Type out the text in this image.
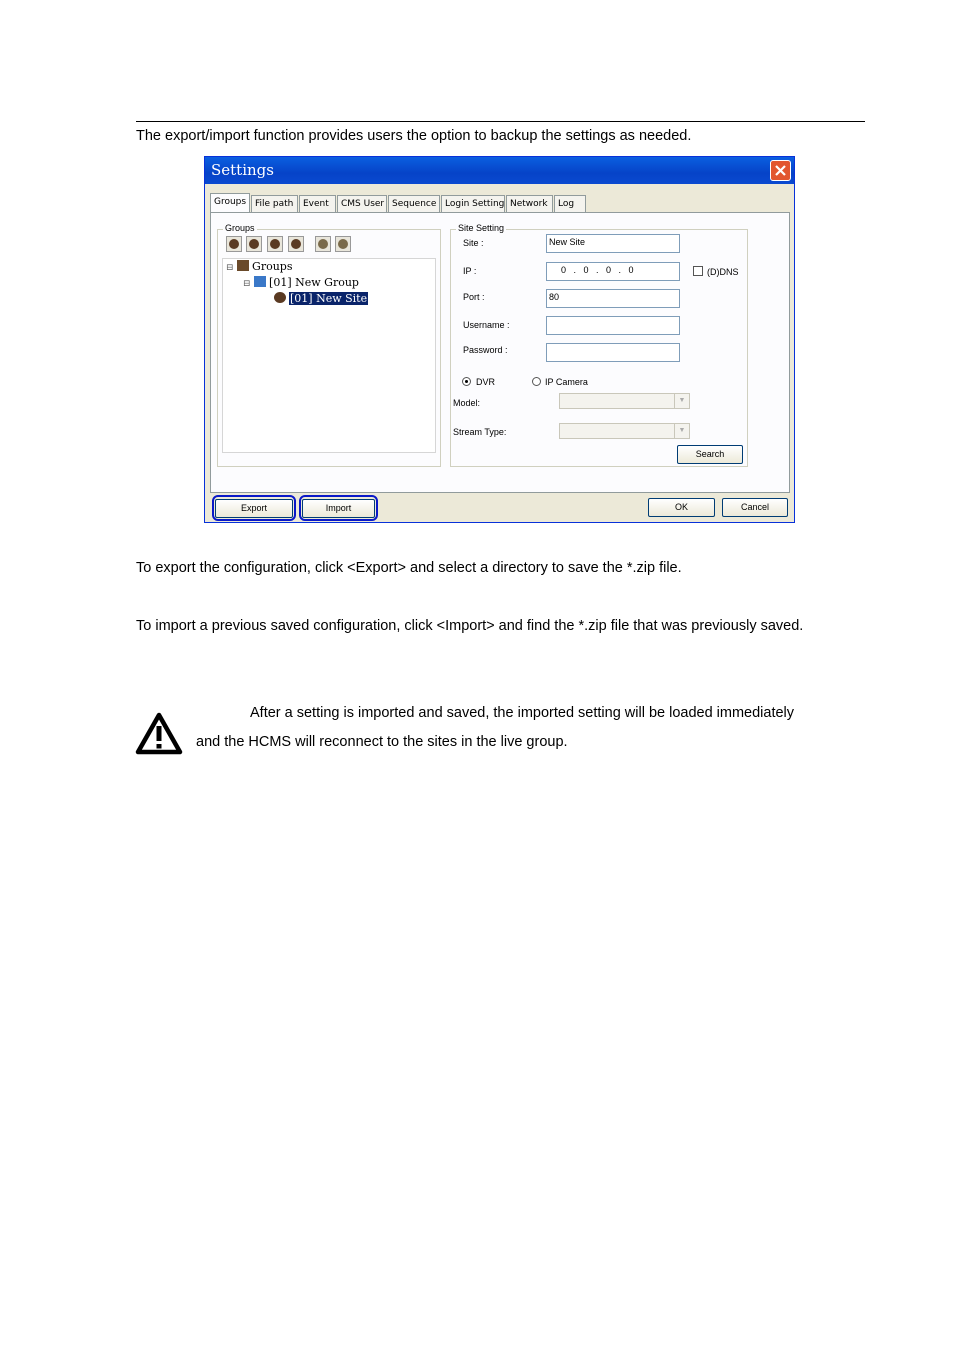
The export/import function provides users the option to backup the settings as needed.
Settings
Groups File path	Event	CMS User Sequence Login Setting Network	Log
Groups
⊟ Groups
⊟ [01] New Group
[01] New Site
Site Setting
Site :	New Site
IP :	0   .   0   .   0   .   0	(D)DNS
Port :	80
Username :
Password :
DVR	IP Camera
Model:	▼
Stream Type:	▼
Search
Export	Import	OK	Cancel
To export the configuration, click <Export> and select a directory to save the *.zip file.
To import a previous saved configuration, click <Import> and find the *.zip file that was previously saved.
After a setting is imported and saved, the imported setting will be loaded immediately
and the HCMS will reconnect to the sites in the live group.
